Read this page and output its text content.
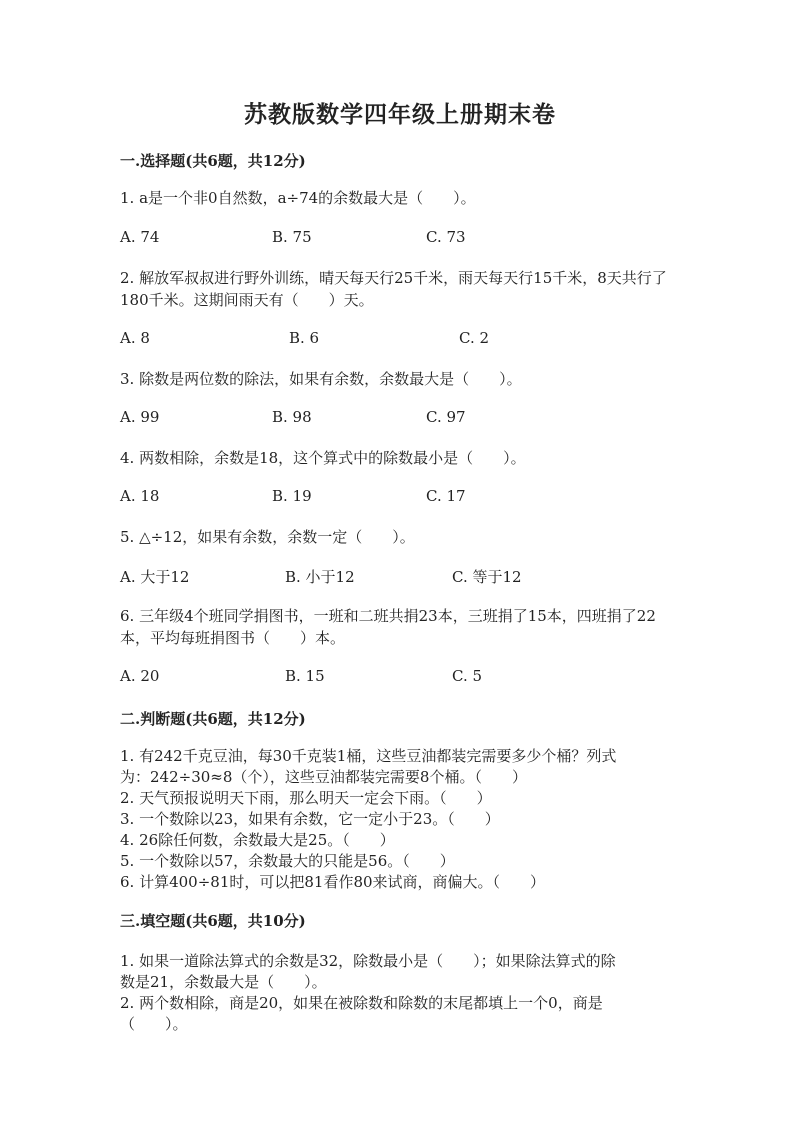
苏教版数学四年级上册期末卷
一.选择题(共6题，共12分)
1. a是一个非0自然数，a÷74的余数最大是（　　）。
A. 74	B. 75	C. 73
2. 解放军叔叔进行野外训练，晴天每天行25千米，雨天每天行15千米，8天共行了180千米。这期间雨天有（　　）天。
A. 8	B. 6	C. 2
3. 除数是两位数的除法，如果有余数，余数最大是（　　）。
A. 99	B. 98	C. 97
4. 两数相除，余数是18，这个算式中的除数最小是（　　）。
A. 18	B. 19	C. 17
5. △÷12，如果有余数，余数一定（　　）。
A. 大于12	B. 小于12	C. 等于12
6. 三年级4个班同学捐图书，一班和二班共捐23本，三班捐了15本，四班捐了22本，平均每班捐图书（　　）本。
A. 20	B. 15	C. 5
二.判断题(共6题，共12分)
1. 有242千克豆油，每30千克装1桶，这些豆油都装完需要多少个桶？列式
为：242÷30≈8（个），这些豆油都装完需要8个桶。（　　）
2. 天气预报说明天下雨，那么明天一定会下雨。（　　）
3. 一个数除以23，如果有余数，它一定小于23。（　　）
4. 26除任何数，余数最大是25。（　　）
5. 一个数除以57，余数最大的只能是56。（　　）
6. 计算400÷81时，可以把81看作80来试商，商偏大。（　　）
三.填空题(共6题，共10分)
1. 如果一道除法算式的余数是32，除数最小是（　　）；如果除法算式的除
数是21，余数最大是（　　）。
2. 两个数相除，商是20，如果在被除数和除数的末尾都填上一个0，商是
（　　）。
